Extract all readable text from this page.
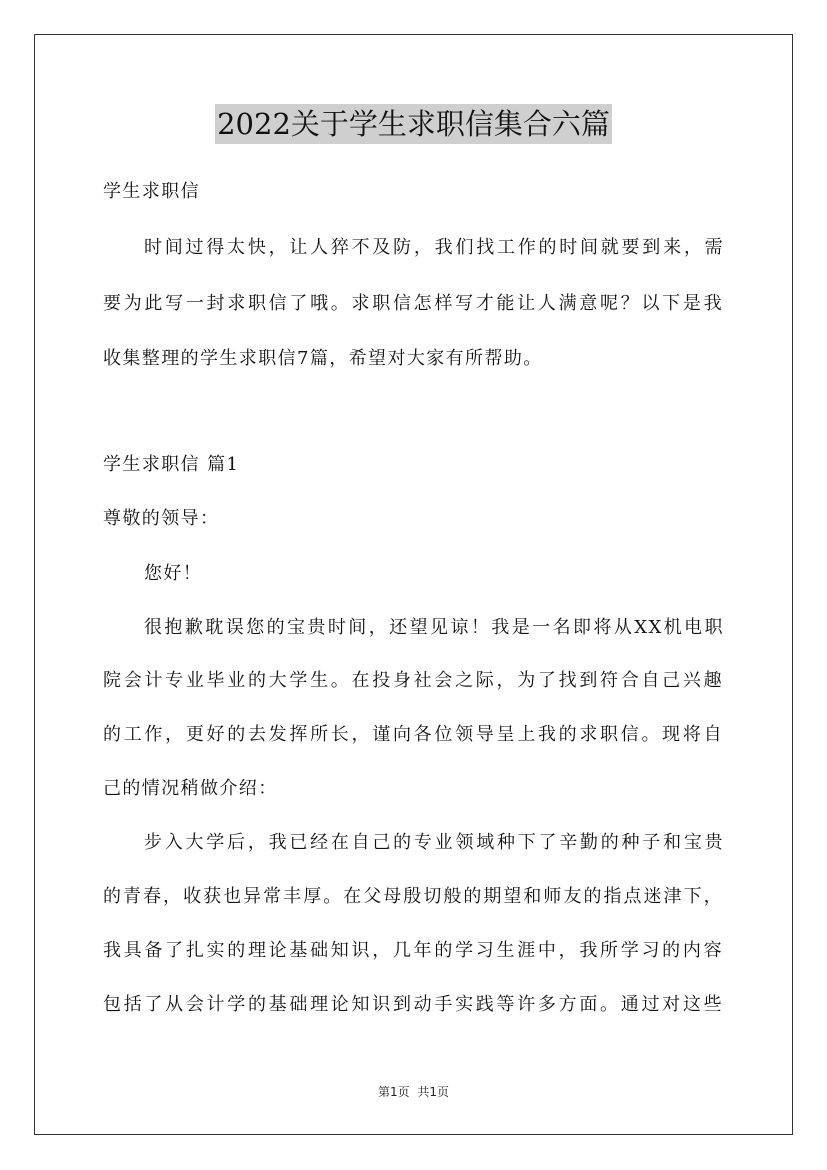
2022关于学生求职信集合六篇
学生求职信
时间过得太快，让人猝不及防，我们找工作的时间就要到来，需
要为此写一封求职信了哦。求职信怎样写才能让人满意呢？以下是我
收集整理的学生求职信7篇，希望对大家有所帮助。
学生求职信 篇1
尊敬的领导：
您好！
很抱歉耽误您的宝贵时间，还望见谅！我是一名即将从XX机电职
院会计专业毕业的大学生。在投身社会之际，为了找到符合自己兴趣
的工作，更好的去发挥所长，谨向各位领导呈上我的求职信。现将自
己的情况稍做介绍：
步入大学后，我已经在自己的专业领域种下了辛勤的种子和宝贵
的青春，收获也异常丰厚。在父母殷切般的期望和师友的指点迷津下，
我具备了扎实的理论基础知识，几年的学习生涯中，我所学习的内容
包括了从会计学的基础理论知识到动手实践等许多方面。通过对这些
第1页 共1页
